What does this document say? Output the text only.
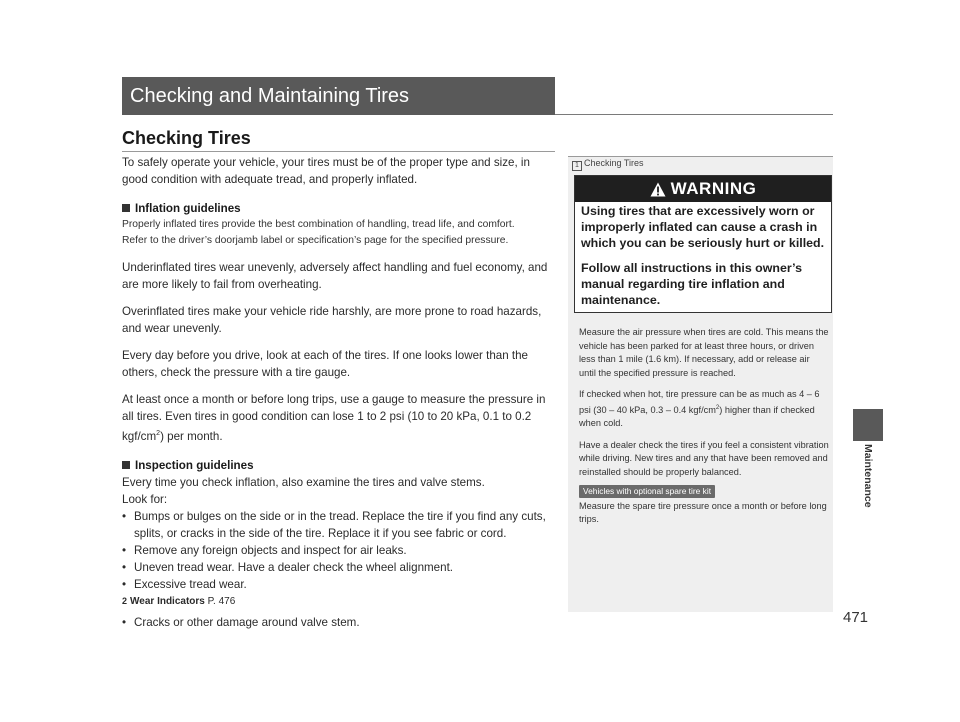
Checking and Maintaining Tires
Checking Tires

To safely operate your vehicle, your tires must be of the proper type and size, in good condition with adequate tread, and properly inflated.

Inflation guidelines

Properly inflated tires provide the best combination of handling, tread life, and comfort.

Refer to the driver’s doorjamb label or specification’s page for the specified pressure.

Underinflated tires wear unevenly, adversely affect handling and fuel economy, and are more likely to fail from overheating.

Overinflated tires make your vehicle ride harshly, are more prone to road hazards, and wear unevenly.

Every day before you drive, look at each of the tires. If one looks lower than the others, check the pressure with a tire gauge.

At least once a month or before long trips, use a gauge to measure the pressure in all tires. Even tires in good condition can lose 1 to 2 psi (10 to 20 kPa, 0.1 to 0.2 kgf/$cm^2$) per month.

Inspection guidelines

Every time you check inflation, also examine the tires and valve stems.

Look for:

• Bumps or bulges on the side or in the tread. Replace the tire if you find any cuts, splits, or cracks in the side of the tire. Replace it if you see fabric or cord.

• Remove any foreign objects and inspect for air leaks.

• Uneven tread wear. Have a dealer check the wheel alignment.

• Excessive tread wear.

2 Wear Indicators P. 476

• Cracks or other damage around valve stem.

1 Checking Tires
WARNING

Using tires that are excessively worn or improperly inflated can cause a crash in which you can be seriously hurt or killed.

Follow all instructions in this owner’s manual regarding tire inflation and maintenance.

Measure the air pressure when tires are cold. This means the vehicle has been parked for at least three hours, or driven less than 1 mile (1.6 km). If necessary, add or release air until the specified pressure is reached.

If checked when hot, tire pressure can be as much as 4 – 6 psi (30 – 40 kPa, 0.3 – 0.4 kgf/$cm^2$) higher than if checked when cold.

Have a dealer check the tires if you feel a consistent vibration while driving. New tires and any that have been removed and reinstalled should be properly balanced.

Vehicles with optional spare tire kit

Measure the spare tire pressure once a month or before long trips.

Maintenance
471
